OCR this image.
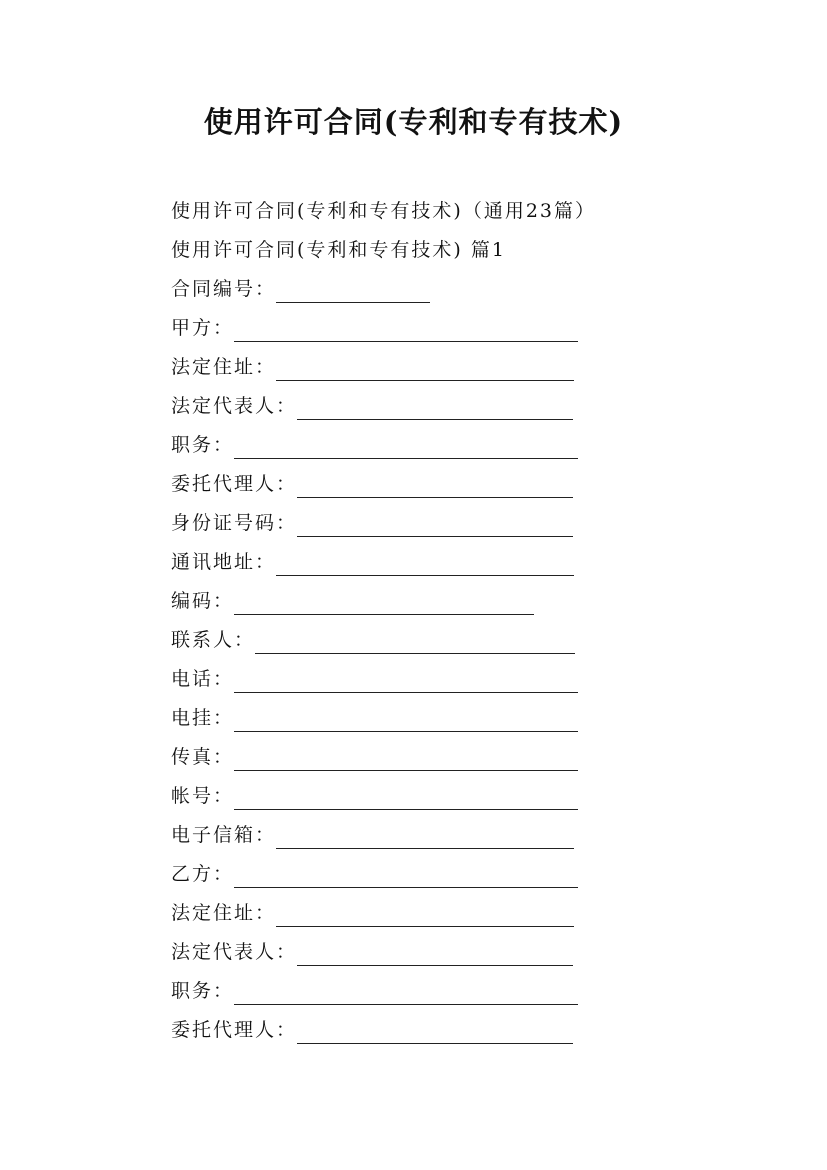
使用许可合同(专利和专有技术)
使用许可合同(专利和专有技术)（通用23篇）
使用许可合同(专利和专有技术) 篇1
合同编号：
甲方：
法定住址：
法定代表人：
职务：
委托代理人：
身份证号码：
通讯地址：
编码：
联系人：
电话：
电挂：
传真：
帐号：
电子信箱：
乙方：
法定住址：
法定代表人：
职务：
委托代理人：
